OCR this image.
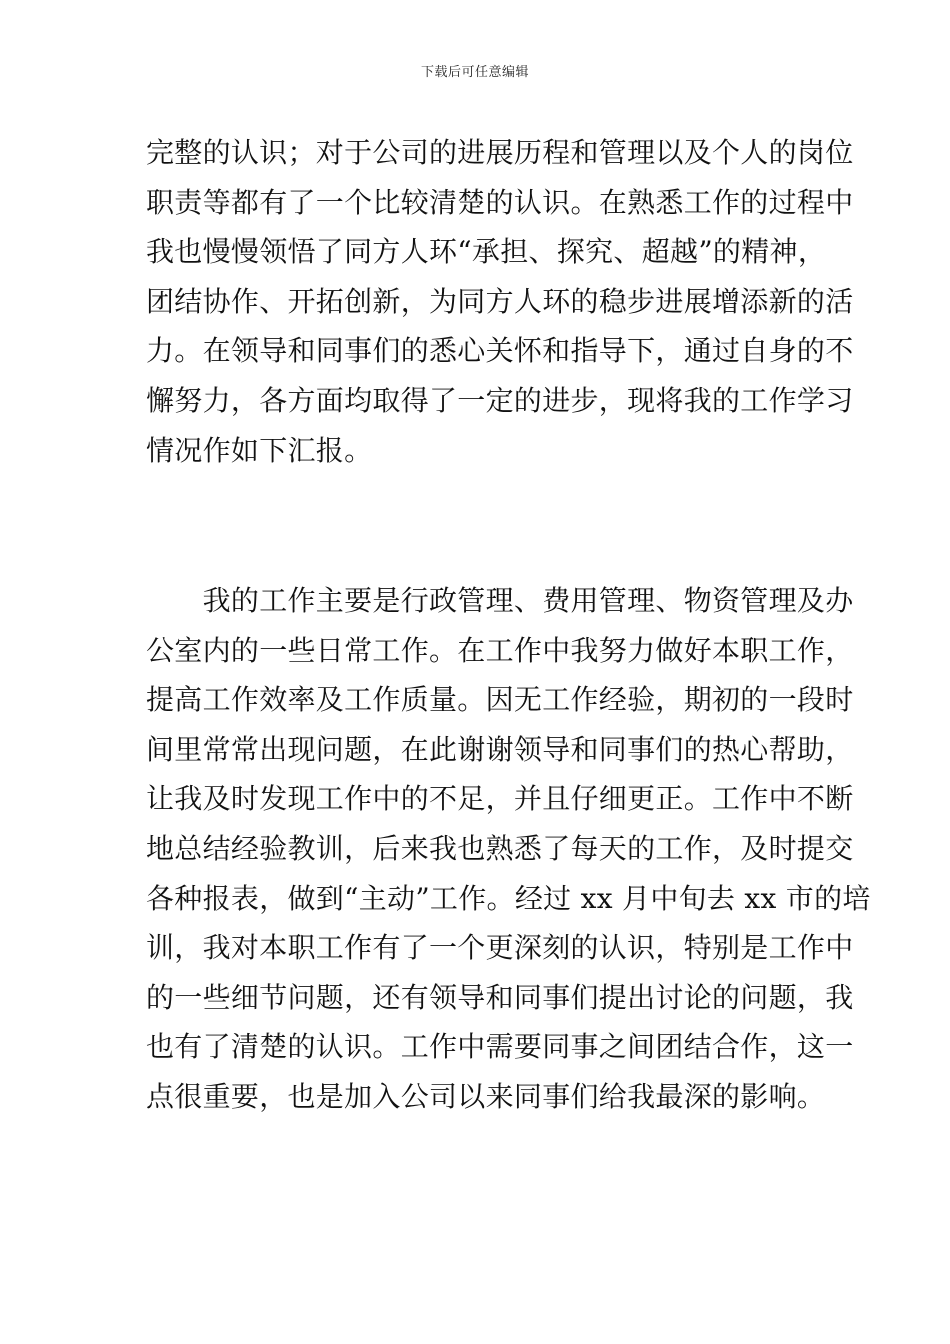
下载后可任意编辑
完整的认识；对于公司的进展历程和管理以及个人的岗位
职责等都有了一个比较清楚的认识。在熟悉工作的过程中
我也慢慢领悟了同方人环“承担、探究、超越”的精神，
团结协作、开拓创新，为同方人环的稳步进展增添新的活
力。在领导和同事们的悉心关怀和指导下，通过自身的不
懈努力，各方面均取得了一定的进步，现将我的工作学习
情况作如下汇报。
　　我的工作主要是行政管理、费用管理、物资管理及办
公室内的一些日常工作。在工作中我努力做好本职工作，
提高工作效率及工作质量。因无工作经验，期初的一段时
间里常常出现问题，在此谢谢领导和同事们的热心帮助，
让我及时发现工作中的不足，并且仔细更正。工作中不断
地总结经验教训，后来我也熟悉了每天的工作，及时提交
各种报表，做到“主动”工作。经过 xx 月中旬去 xx 市的培
训，我对本职工作有了一个更深刻的认识，特别是工作中
的一些细节问题，还有领导和同事们提出讨论的问题，我
也有了清楚的认识。工作中需要同事之间团结合作，这一
点很重要，也是加入公司以来同事们给我最深的影响。
